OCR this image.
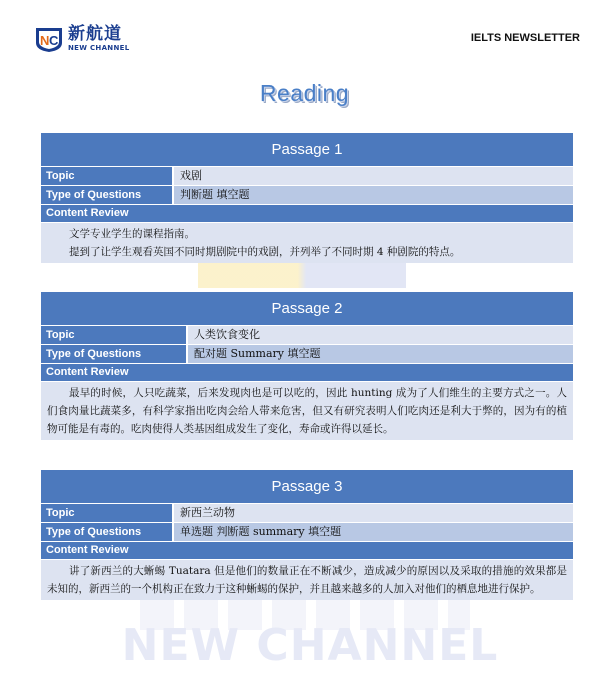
NEW CHANNEL
N C 新航道
NEW CHANNEL
IELTS NEWSLETTER
Reading
Passage 1
Topic	戏剧
Type of Questions	判断题 填空题
Content Review
文学专业学生的课程指南。
提到了让学生观看英国不同时期剧院中的戏剧，并列举了不同时期 4 种剧院的特点。
Passage 2
Topic	人类饮食变化
Type of Questions	配对题 Summary 填空题
Content Review
最早的时候，人只吃蔬菜，后来发现肉也是可以吃的，因此 hunting 成为了人们维生的主要方式之一。人们食肉量比蔬菜多，有科学家指出吃肉会给人带来危害，但又有研究表明人们吃肉还是利大于弊的，因为有的植物可能是有毒的。吃肉使得人类基因组成发生了变化，寿命或许得以延长。
Passage 3
Topic	新西兰动物
Type of Questions	单选题 判断题 summary 填空题
Content Review
讲了新西兰的大蜥蜴 Tuatara 但是他们的数量正在不断减少，造成减少的原因以及采取的措施的效果都是未知的，新西兰的一个机构正在致力于这种蜥蜴的保护，并且越来越多的人加入对他们的栖息地进行保护。
